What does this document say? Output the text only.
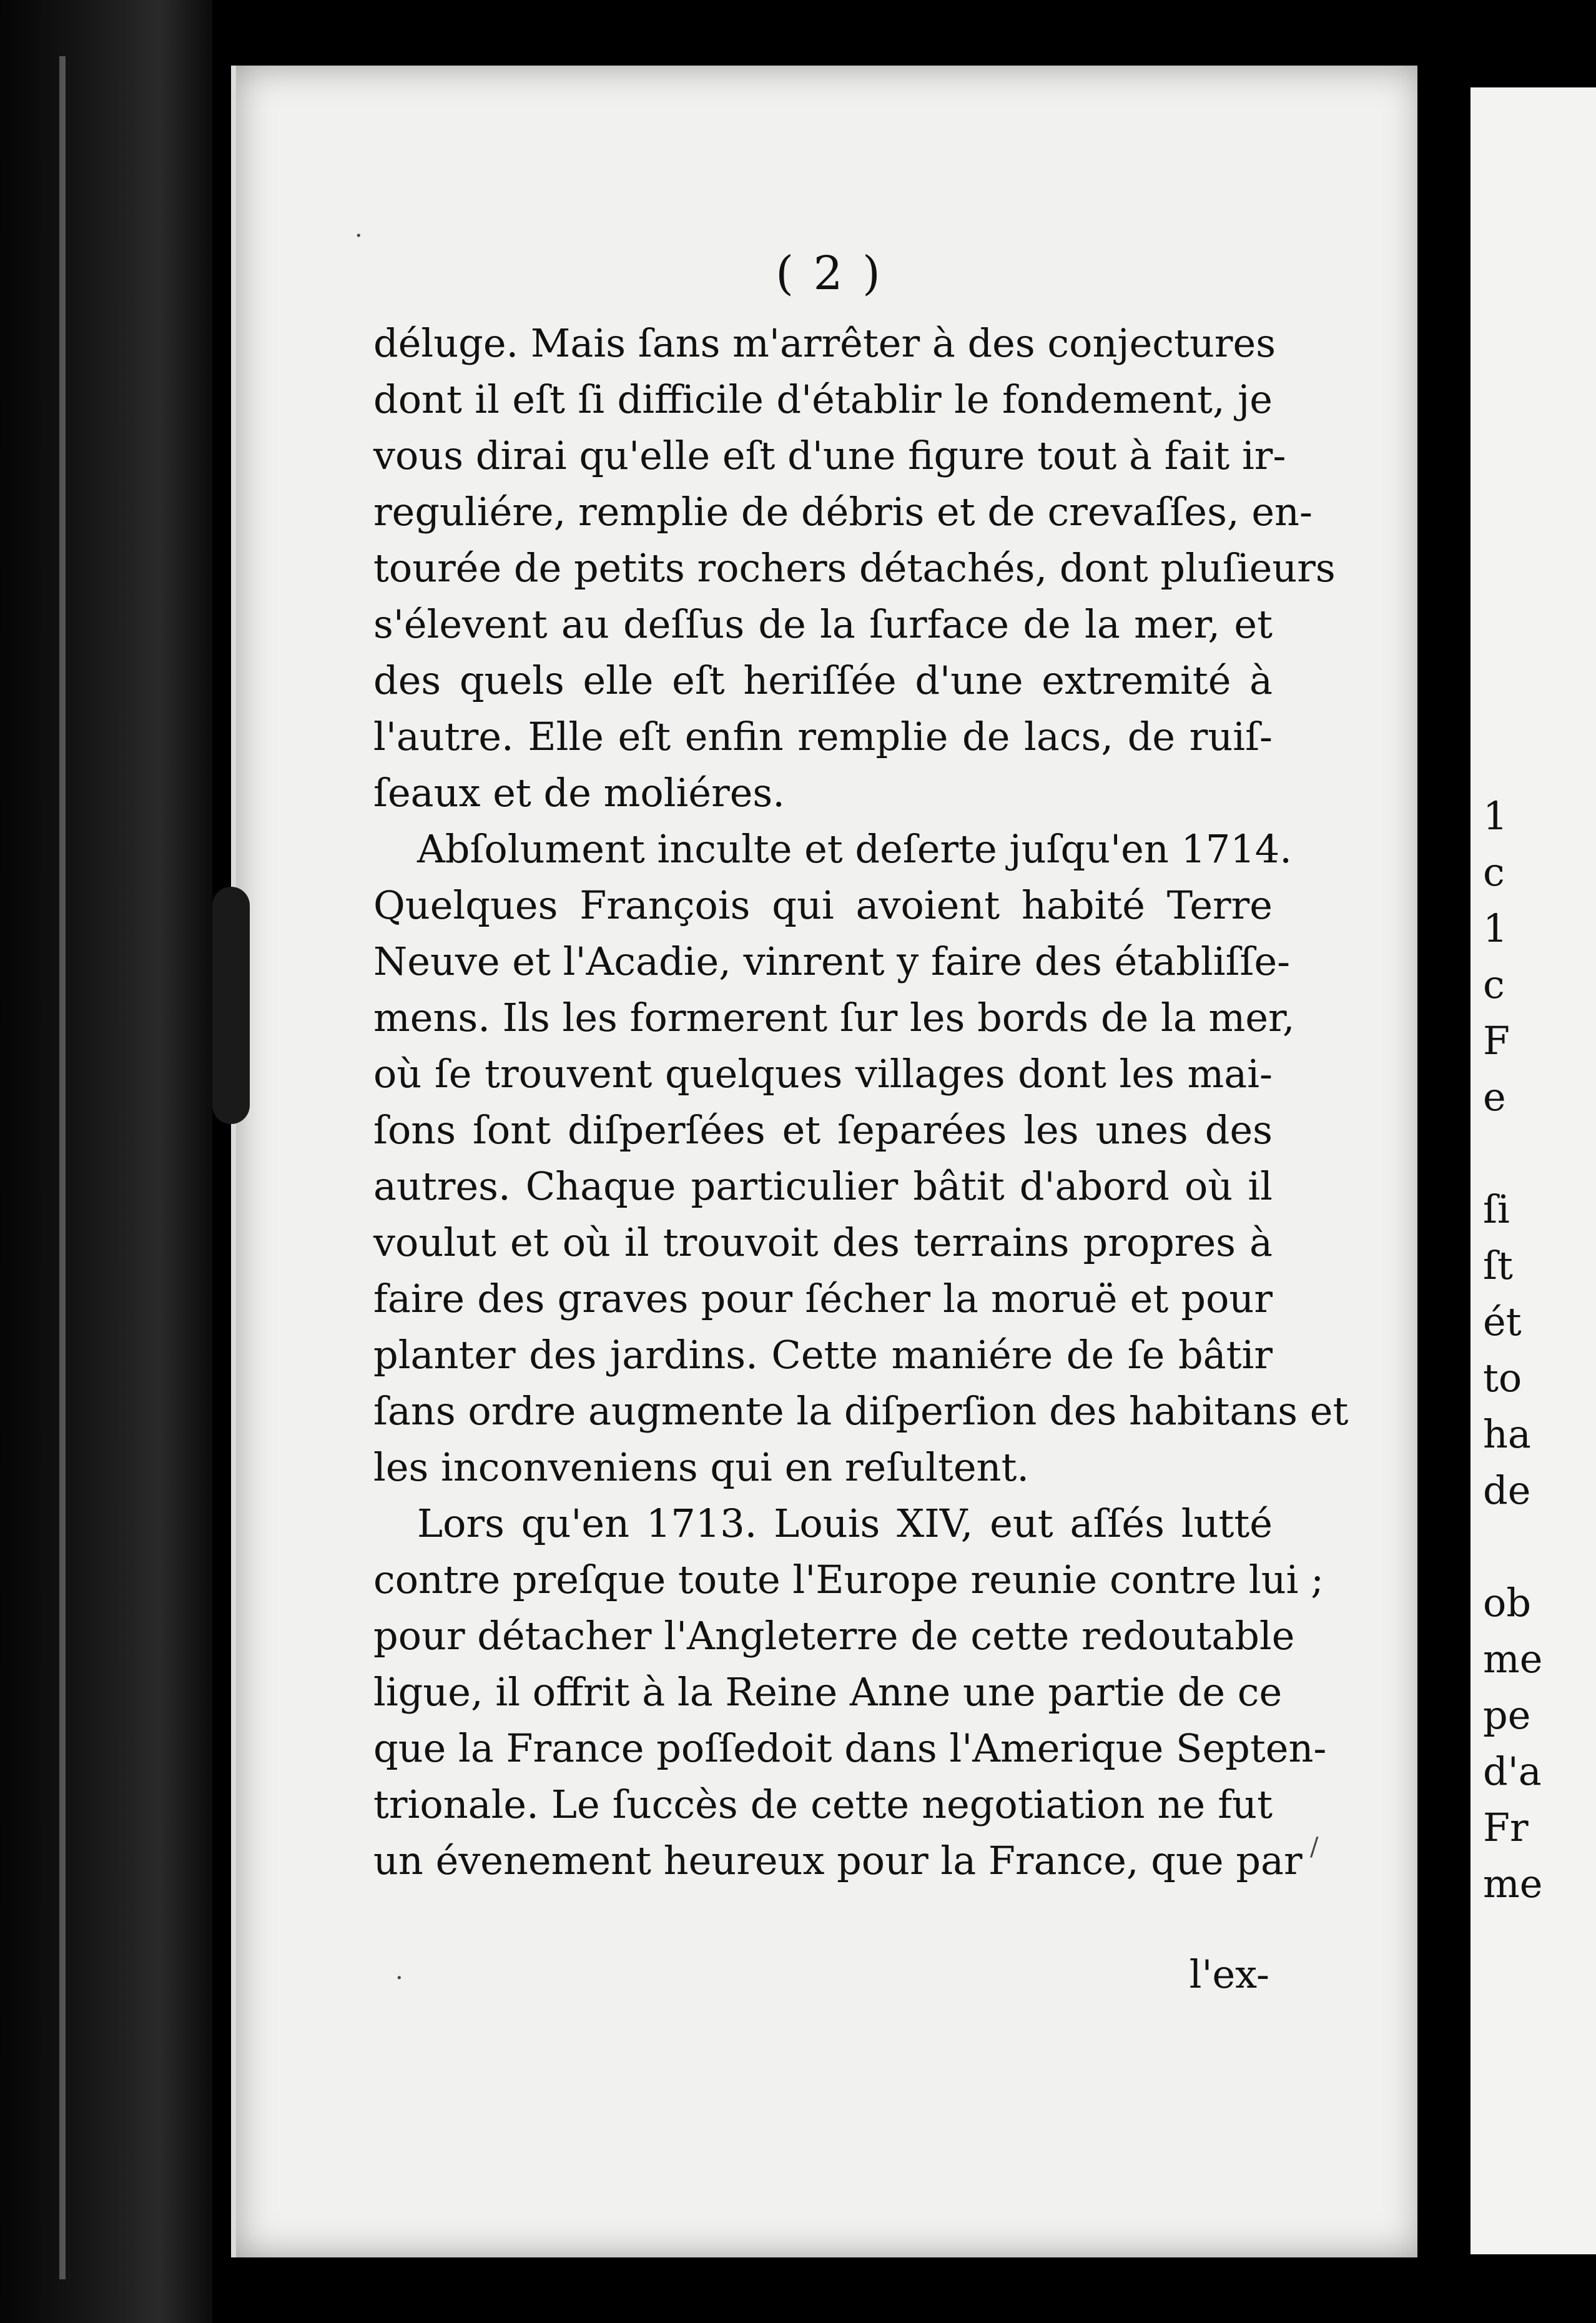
( 2 )
déluge. Mais ſans m'arrêter à des conjectures
dont il eſt ſi difficile d'établir le fondement, je
vous dirai qu'elle eſt d'une figure tout à fait ir-
reguliére, remplie de débris et de crevaſſes, en-
tourée de petits rochers détachés, dont pluſieurs
s'élevent au deſſus de la ſurface de la mer, et
des quels elle eſt heriſſée d'une extremité à
l'autre. Elle eſt enfin remplie de lacs, de ruiſ-
ſeaux et de moliéres.
Abſolument inculte et deſerte juſqu'en 1714.
Quelques François qui avoient habité Terre
Neuve et l'Acadie, vinrent y faire des établiſſe-
mens. Ils les formerent ſur les bords de la mer,
où ſe trouvent quelques villages dont les mai-
ſons ſont diſperſées et ſeparées les unes des
autres. Chaque particulier bâtit d'abord où il
voulut et où il trouvoit des terrains propres à
faire des graves pour ſécher la moruë et pour
planter des jardins. Cette maniére de ſe bâtir
ſans ordre augmente la diſperſion des habitans et
les inconveniens qui en reſultent.
Lors qu'en 1713. Louis XIV, eut aſſés lutté
contre preſque toute l'Europe reunie contre lui ;
pour détacher l'Angleterre de cette redoutable
ligue, il offrit à la Reine Anne une partie de ce
que la France poſſedoit dans l'Amerique Septen-
trionale. Le ſuccès de cette negotiation ne fut
un évenement heureux pour la France, que par
l'ex-
·
·
/
1
c
1
c
F
e
ſi
ſt
ét
to
ha
de
ob
me
pe
d'a
Fr
me
